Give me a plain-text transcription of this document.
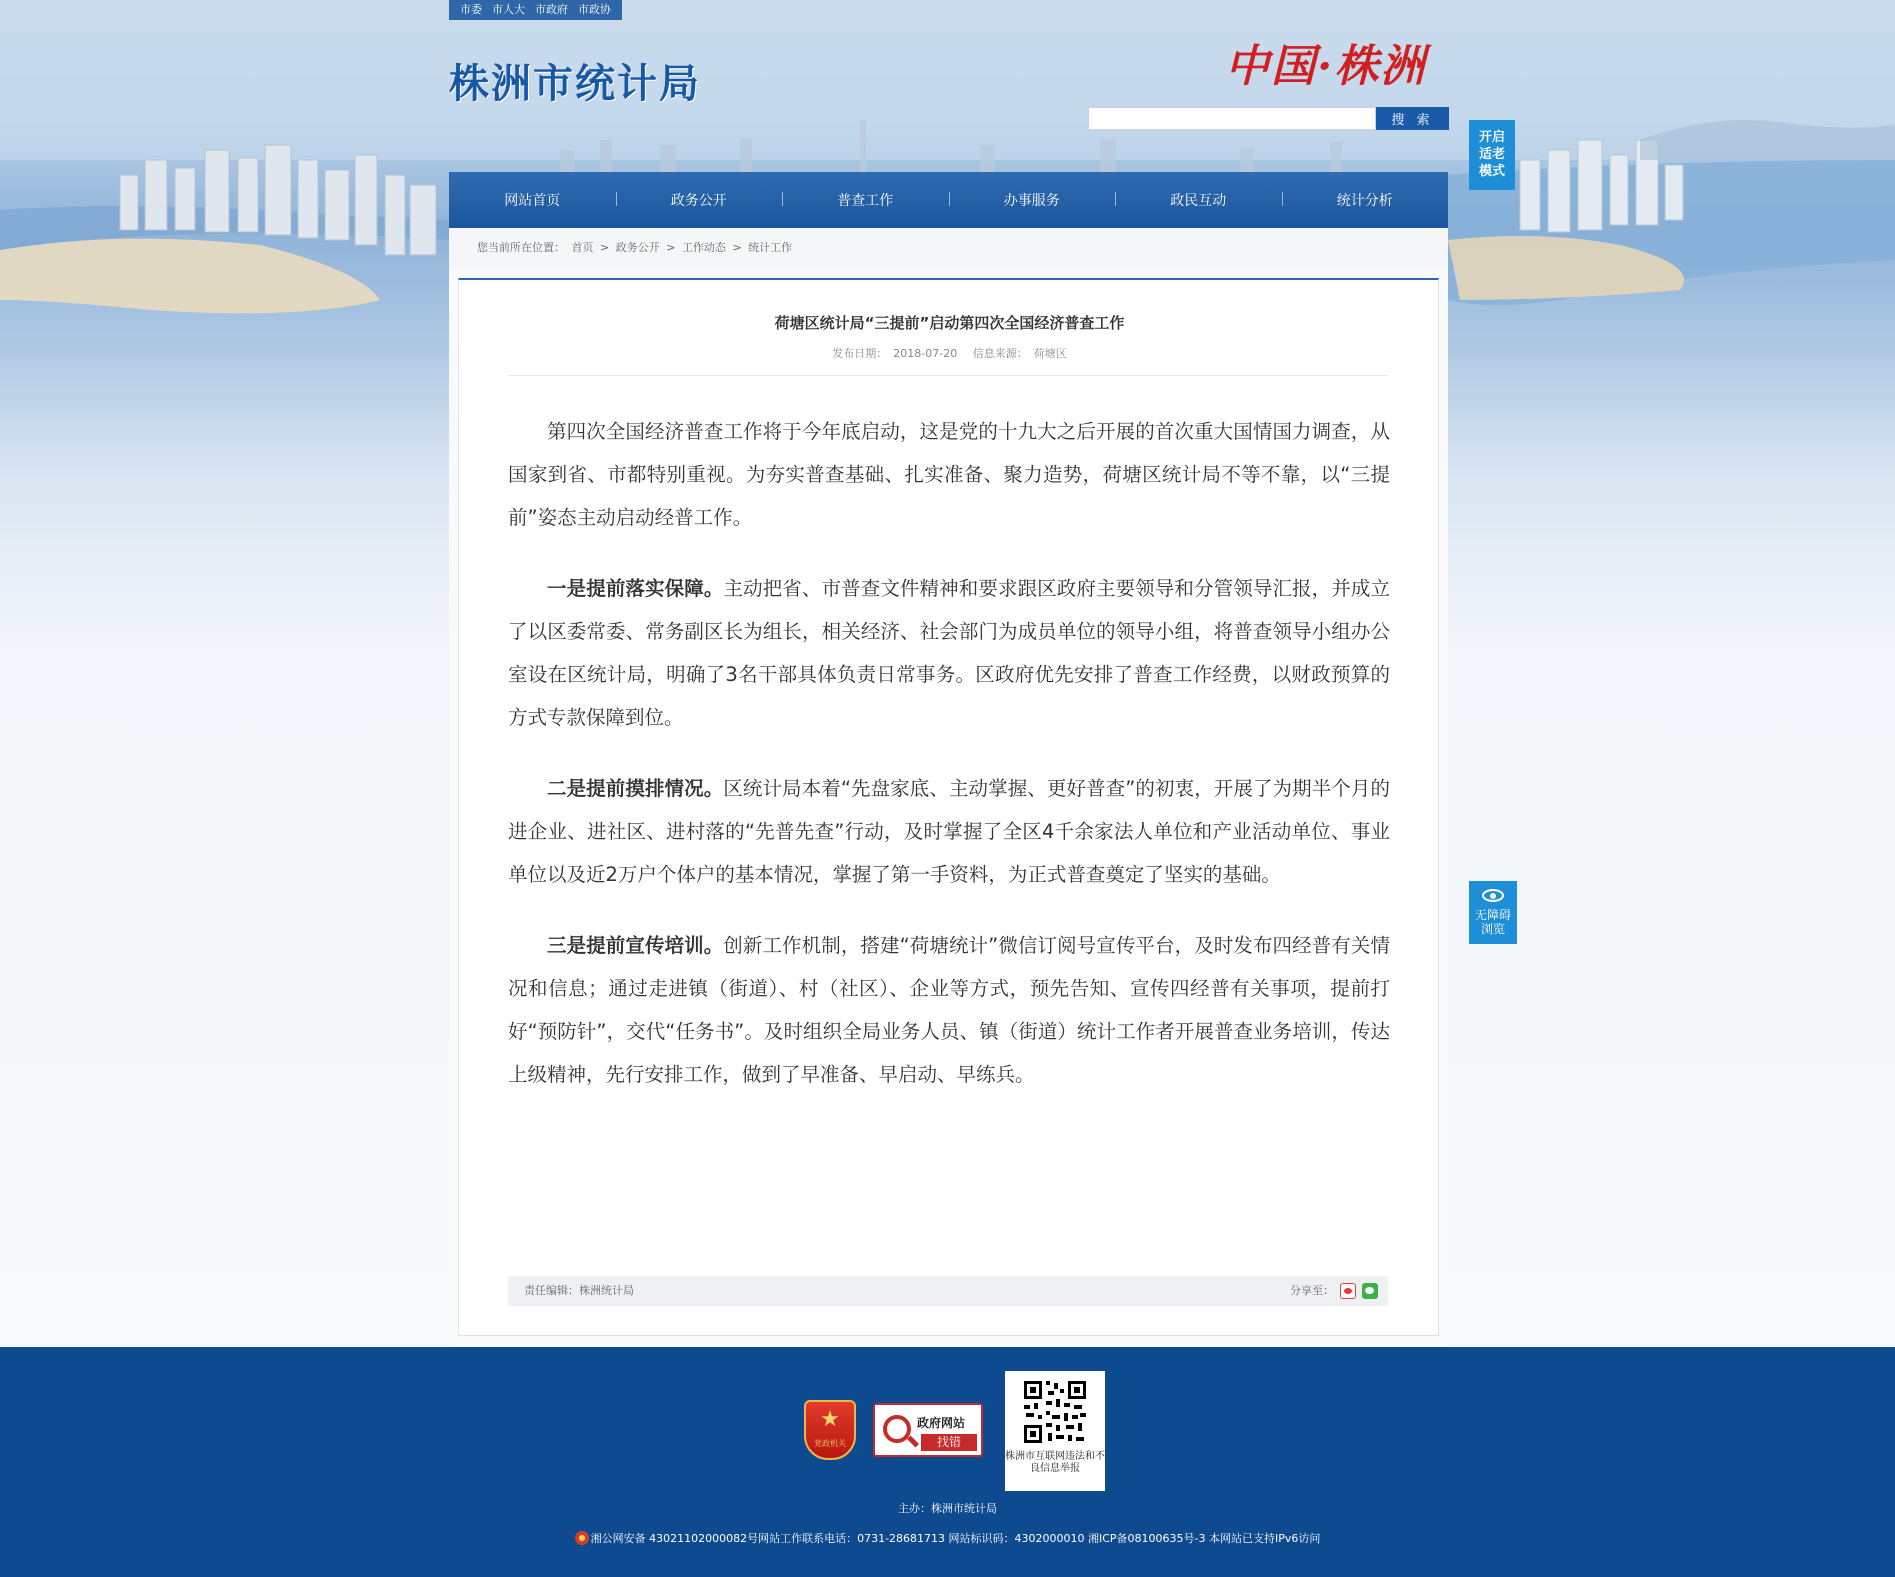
市委 市人大 市政府 市政协
株洲市统计局	中国·株洲
搜 索
开启适老模式
网站首页	政务公开	普查工作	办事服务	政民互动	统计分析
您当前所在位置： 首页 > 政务公开 > 工作动态 > 统计工作
荷塘区统计局“三提前”启动第四次全国经济普查工作
发布日期： 2018-07-20 信息来源： 荷塘区

第四次全国经济普查工作将于今年底启动，这是党的十九大之后开展的首次重大国情国力调查，从国家到省、市都特别重视。为夯实普查基础、扎实准备、聚力造势，荷塘区统计局不等不靠，以“三提前”姿态主动启动经普工作。

一是提前落实保障。主动把省、市普查文件精神和要求跟区政府主要领导和分管领导汇报，并成立了以区委常委、常务副区长为组长，相关经济、社会部门为成员单位的领导小组，将普查领导小组办公室设在区统计局，明确了3名干部具体负责日常事务。区政府优先安排了普查工作经费，以财政预算的方式专款保障到位。

二是提前摸排情况。区统计局本着“先盘家底、主动掌握、更好普查”的初衷，开展了为期半个月的进企业、进社区、进村落的“先普先查”行动，及时掌握了全区4千余家法人单位和产业活动单位、事业单位以及近2万户个体户的基本情况，掌握了第一手资料，为正式普查奠定了坚实的基础。

三是提前宣传培训。创新工作机制，搭建“荷塘统计”微信订阅号宣传平台，及时发布四经普有关情况和信息；通过走进镇（街道）、村（社区）、企业等方式，预先告知、宣传四经普有关事项，提前打好“预防针”，交代“任务书”。及时组织全局业务人员、镇（街道）统计工作者开展普查业务培训，传达上级精神，先行安排工作，做到了早准备、早启动、早练兵。

责任编辑：株洲统计局	分享至：
无障碍浏览
★
党政机关
政府网站
找错
株洲市互联网违法和不良信息举报
主办：株洲市统计局
湘公网安备 43021102000082号网站工作联系电话：0731-28681713 网站标识码：4302000010 湘ICP备08100635号-3 本网站已支持IPv6访问
